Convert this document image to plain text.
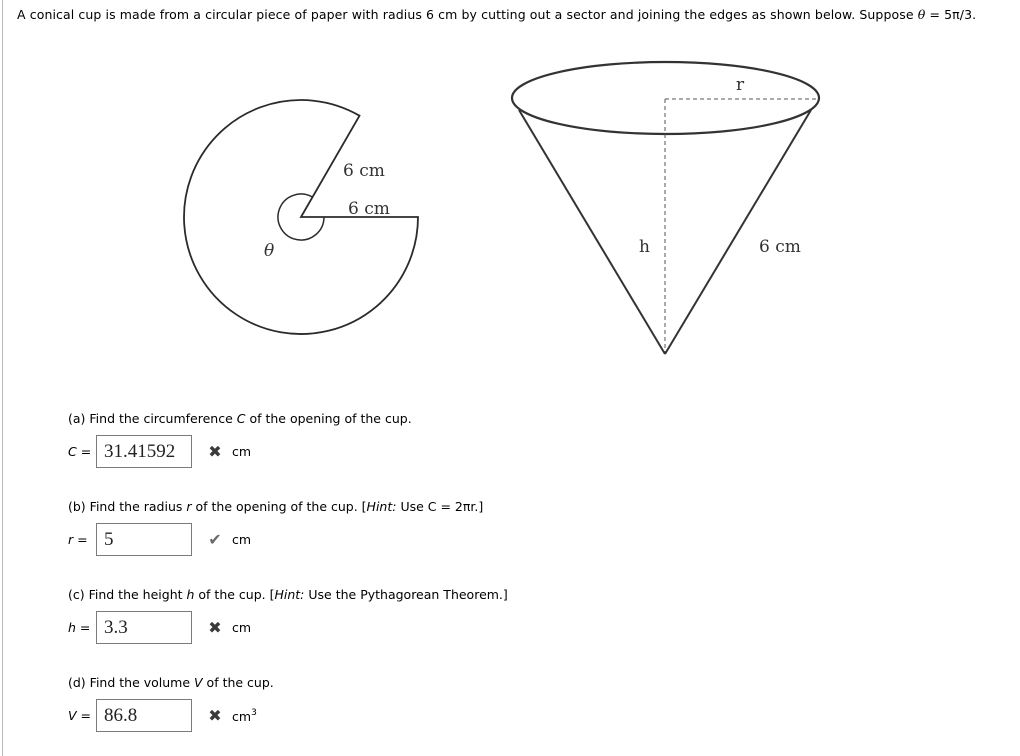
A conical cup is made from a circular piece of paper with radius 6 cm by cutting out a sector and joining the edges as shown below. Suppose θ = 5π/3.
6 cm
6 cm
θ
r
h	6 cm
(a) Find the circumference C of the opening of the cup.
C =
31.41592	✖ cm
(b) Find the radius r of the opening of the cup. [Hint: Use C = 2πr.]
r =
5	✔ cm
(c) Find the height h of the cup. [Hint: Use the Pythagorean Theorem.]
h =
3.3	✖ cm
(d) Find the volume V of the cup.
V =
86.8	✖ $cm^3$
